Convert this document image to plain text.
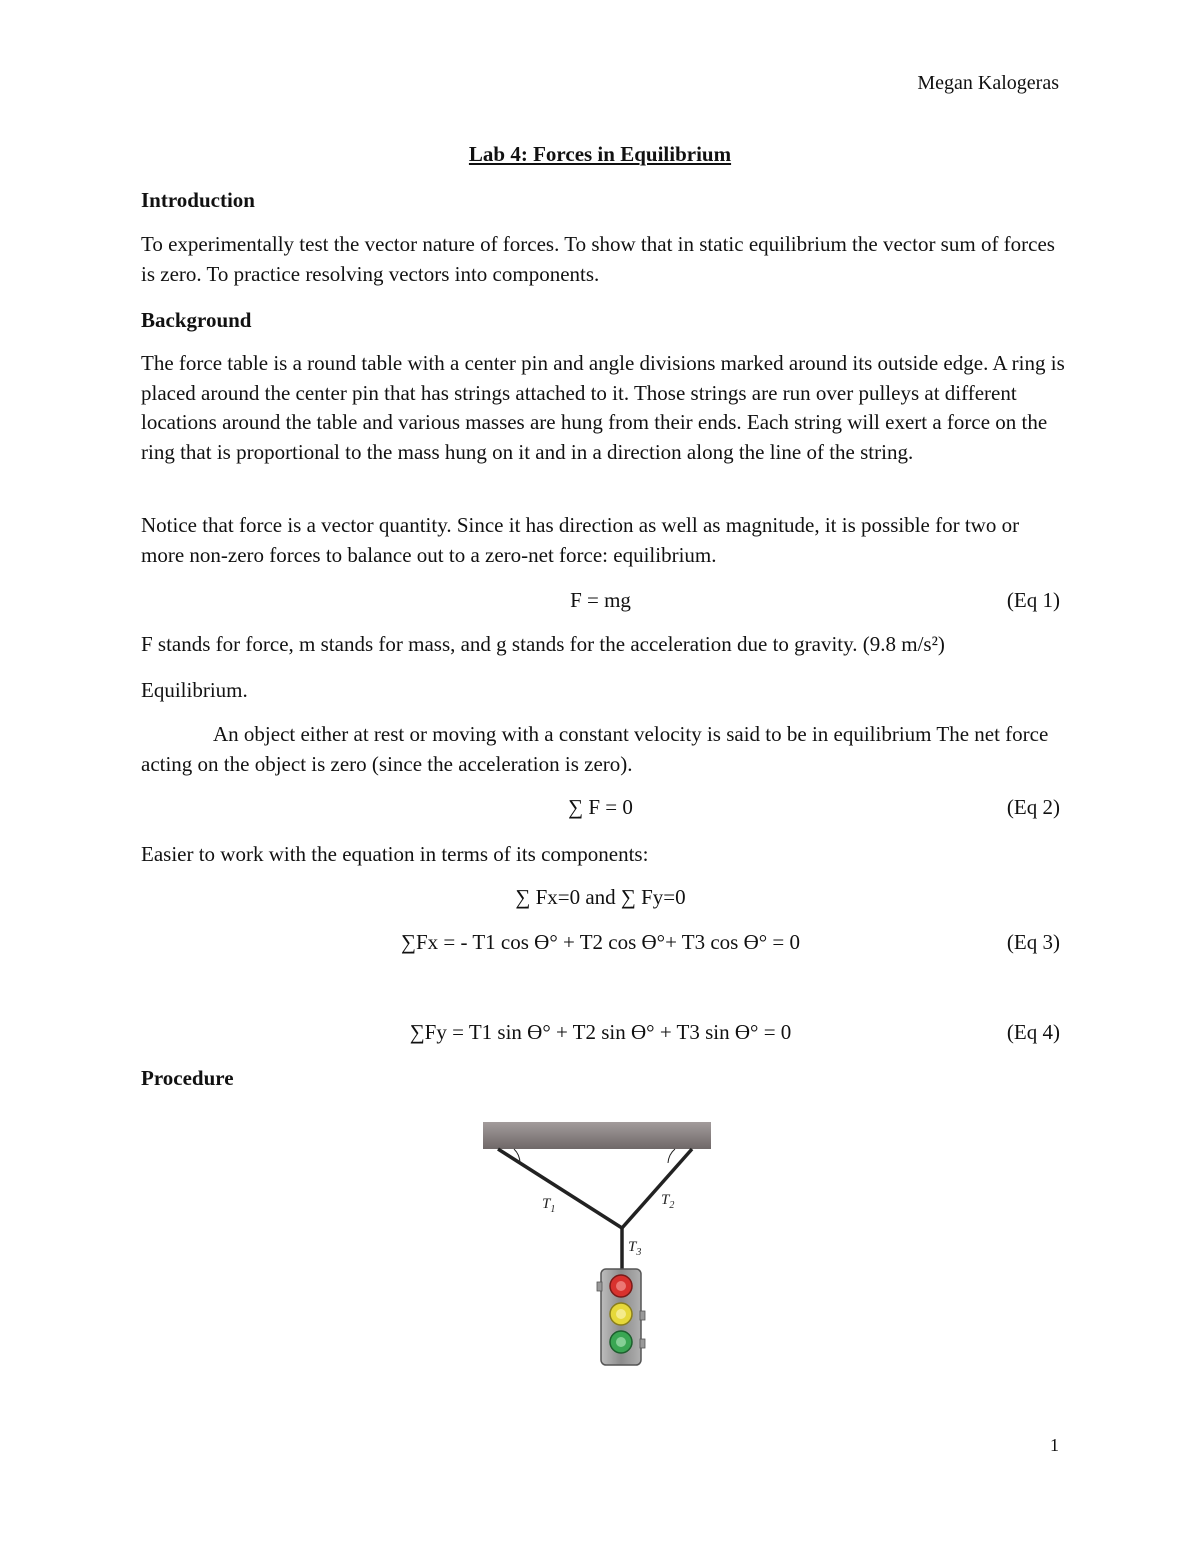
Megan Kalogeras
Lab 4: Forces in Equilibrium
Introduction

To experimentally test the vector nature of forces. To show that in static equilibrium the vector sum of forces is zero. To practice resolving vectors into components.

Background

The force table is a round table with a center pin and angle divisions marked around its outside edge. A ring is placed around the center pin that has strings attached to it. Those strings are run over pulleys at different locations around the table and various masses are hung from their ends. Each string will exert a force on the ring that is proportional to the mass hung on it and in a direction along the line of the string.

Notice that force is a vector quantity. Since it has direction as well as magnitude, it is possible for two or more non-zero forces to balance out to a zero-net force: equilibrium.

F = mg	(Eq 1)

F stands for force, m stands for mass, and g stands for the acceleration due to gravity. (9.8 m/s²)

Equilibrium.

An object either at rest or moving with a constant velocity is said to be in equilibrium The net force acting on the object is zero (since the acceleration is zero).

∑ F = 0	(Eq 2)

Easier to work with the equation in terms of its components:

∑ Fx=0 and ∑ Fy=0
∑Fx = - T1 cos Ɵ° + T2 cos Ɵ°+ T3 cos Ɵ° = 0	(Eq 3)
∑Fy = T1 sin Ɵ° + T2 sin Ɵ° + T3 sin Ɵ° = 0	(Eq 4)
Procedure
$T_1$
$T_2$
$T_3$
1
